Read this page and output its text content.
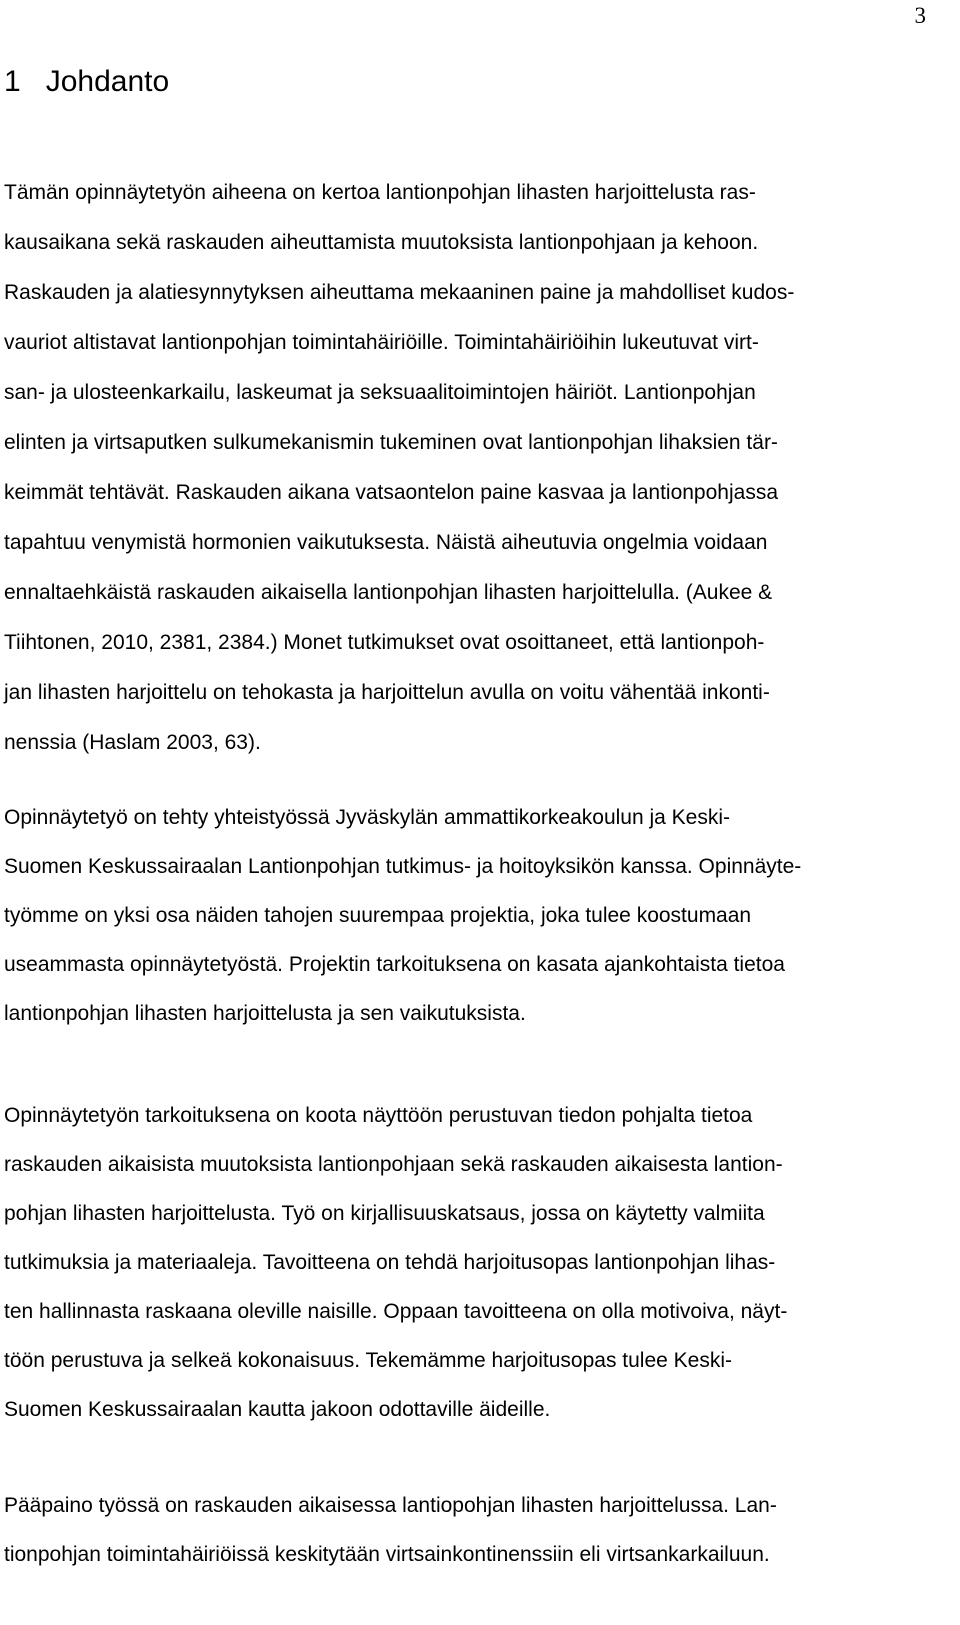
3
1 Johdanto
Tämän opinnäytetyön aiheena on kertoa lantionpohjan lihasten harjoittelusta ras-
kausaikana sekä raskauden aiheuttamista muutoksista lantionpohjaan ja kehoon.
Raskauden ja alatiesynnytyksen aiheuttama mekaaninen paine ja mahdolliset kudos-
vauriot altistavat lantionpohjan toimintahäiriöille. Toimintahäiriöihin lukeutuvat virt-
san- ja ulosteenkarkailu, laskeumat ja seksuaalitoimintojen häiriöt. Lantionpohjan
elinten ja virtsaputken sulkumekanismin tukeminen ovat lantionpohjan lihaksien tär-
keimmät tehtävät. Raskauden aikana vatsaontelon paine kasvaa ja lantionpohjassa
tapahtuu venymistä hormonien vaikutuksesta. Näistä aiheutuvia ongelmia voidaan
ennaltaehkäistä raskauden aikaisella lantionpohjan lihasten harjoittelulla. (Aukee &
Tiihtonen, 2010, 2381, 2384.) Monet tutkimukset ovat osoittaneet, että lantionpoh-
jan lihasten harjoittelu on tehokasta ja harjoittelun avulla on voitu vähentää inkonti-
nenssia (Haslam 2003, 63).
Opinnäytetyö on tehty yhteistyössä Jyväskylän ammattikorkeakoulun ja Keski-
Suomen Keskussairaalan Lantionpohjan tutkimus- ja hoitoyksikön kanssa. Opinnäyte-
työmme on yksi osa näiden tahojen suurempaa projektia, joka tulee koostumaan
useammasta opinnäytetyöstä. Projektin tarkoituksena on kasata ajankohtaista tietoa
lantionpohjan lihasten harjoittelusta ja sen vaikutuksista.
Opinnäytetyön tarkoituksena on koota näyttöön perustuvan tiedon pohjalta tietoa
raskauden aikaisista muutoksista lantionpohjaan sekä raskauden aikaisesta lantion-
pohjan lihasten harjoittelusta. Työ on kirjallisuuskatsaus, jossa on käytetty valmiita
tutkimuksia ja materiaaleja. Tavoitteena on tehdä harjoitusopas lantionpohjan lihas-
ten hallinnasta raskaana oleville naisille. Oppaan tavoitteena on olla motivoiva, näyt-
töön perustuva ja selkeä kokonaisuus. Tekemämme harjoitusopas tulee Keski-
Suomen Keskussairaalan kautta jakoon odottaville äideille.
Pääpaino työssä on raskauden aikaisessa lantiopohjan lihasten harjoittelussa. Lan-
tionpohjan toimintahäiriöissä keskitytään virtsainkontinenssiin eli virtsankarkailuun.
